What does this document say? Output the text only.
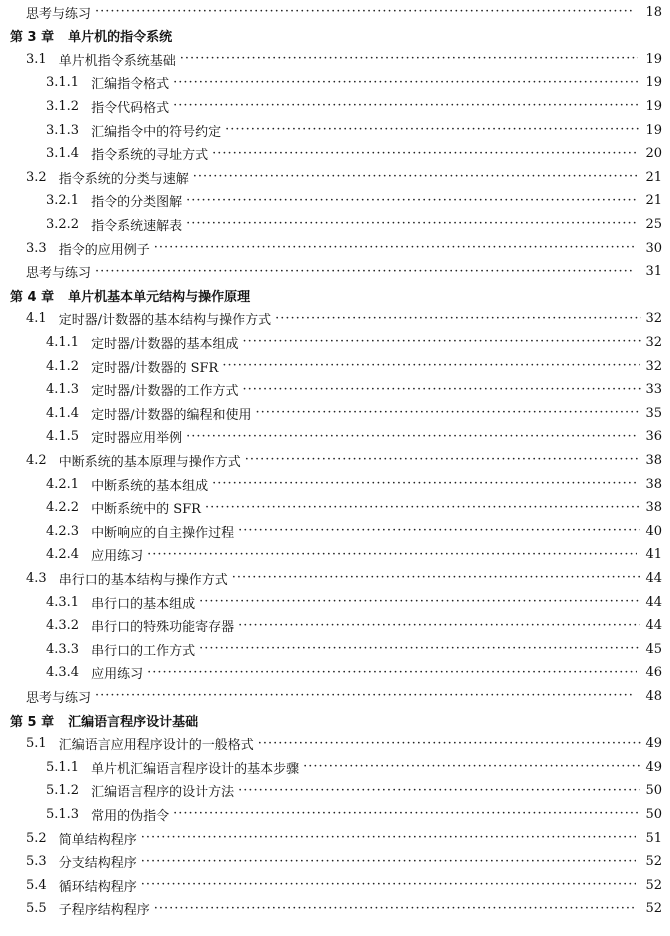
思考与练习 ·····	18
第 3 章 单片机的指令系统
3.1 单片机指令系统基础 ·····	19
3.1.1 汇编指令格式 ·····	19
3.1.2 指令代码格式 ·····	19
3.1.3 汇编指令中的符号约定 ·····	19
3.1.4 指令系统的寻址方式 ·····	20
3.2 指令系统的分类与速解 ·····	21
3.2.1 指令的分类图解 ·····	21
3.2.2 指令系统速解表 ·····	25
3.3 指令的应用例子 ·····	30
思考与练习 ·····	31
第 4 章 单片机基本单元结构与操作原理
4.1 定时器/计数器的基本结构与操作方式 ·····	32
4.1.1 定时器/计数器的基本组成 ·····	32
4.1.2 定时器/计数器的 SFR ·····	32
4.1.3 定时器/计数器的工作方式 ·····	33
4.1.4 定时器/计数器的编程和使用 ·····	35
4.1.5 定时器应用举例 ·····	36
4.2 中断系统的基本原理与操作方式 ·····	38
4.2.1 中断系统的基本组成 ·····	38
4.2.2 中断系统中的 SFR ·····	38
4.2.3 中断响应的自主操作过程 ·····	40
4.2.4 应用练习 ·····	41
4.3 串行口的基本结构与操作方式 ·····	44
4.3.1 串行口的基本组成 ·····	44
4.3.2 串行口的特殊功能寄存器 ·····	44
4.3.3 串行口的工作方式 ·····	45
4.3.4 应用练习 ·····	46
思考与练习 ·····	48
第 5 章 汇编语言程序设计基础
5.1 汇编语言应用程序设计的一般格式 ·····	49
5.1.1 单片机汇编语言程序设计的基本步骤 ·····	49
5.1.2 汇编语言程序的设计方法 ·····	50
5.1.3 常用的伪指令 ·····	50
5.2 简单结构程序 ·····	51
5.3 分支结构程序 ·····	52
5.4 循环结构程序 ·····	52
5.5 子程序结构程序 ·····	52
